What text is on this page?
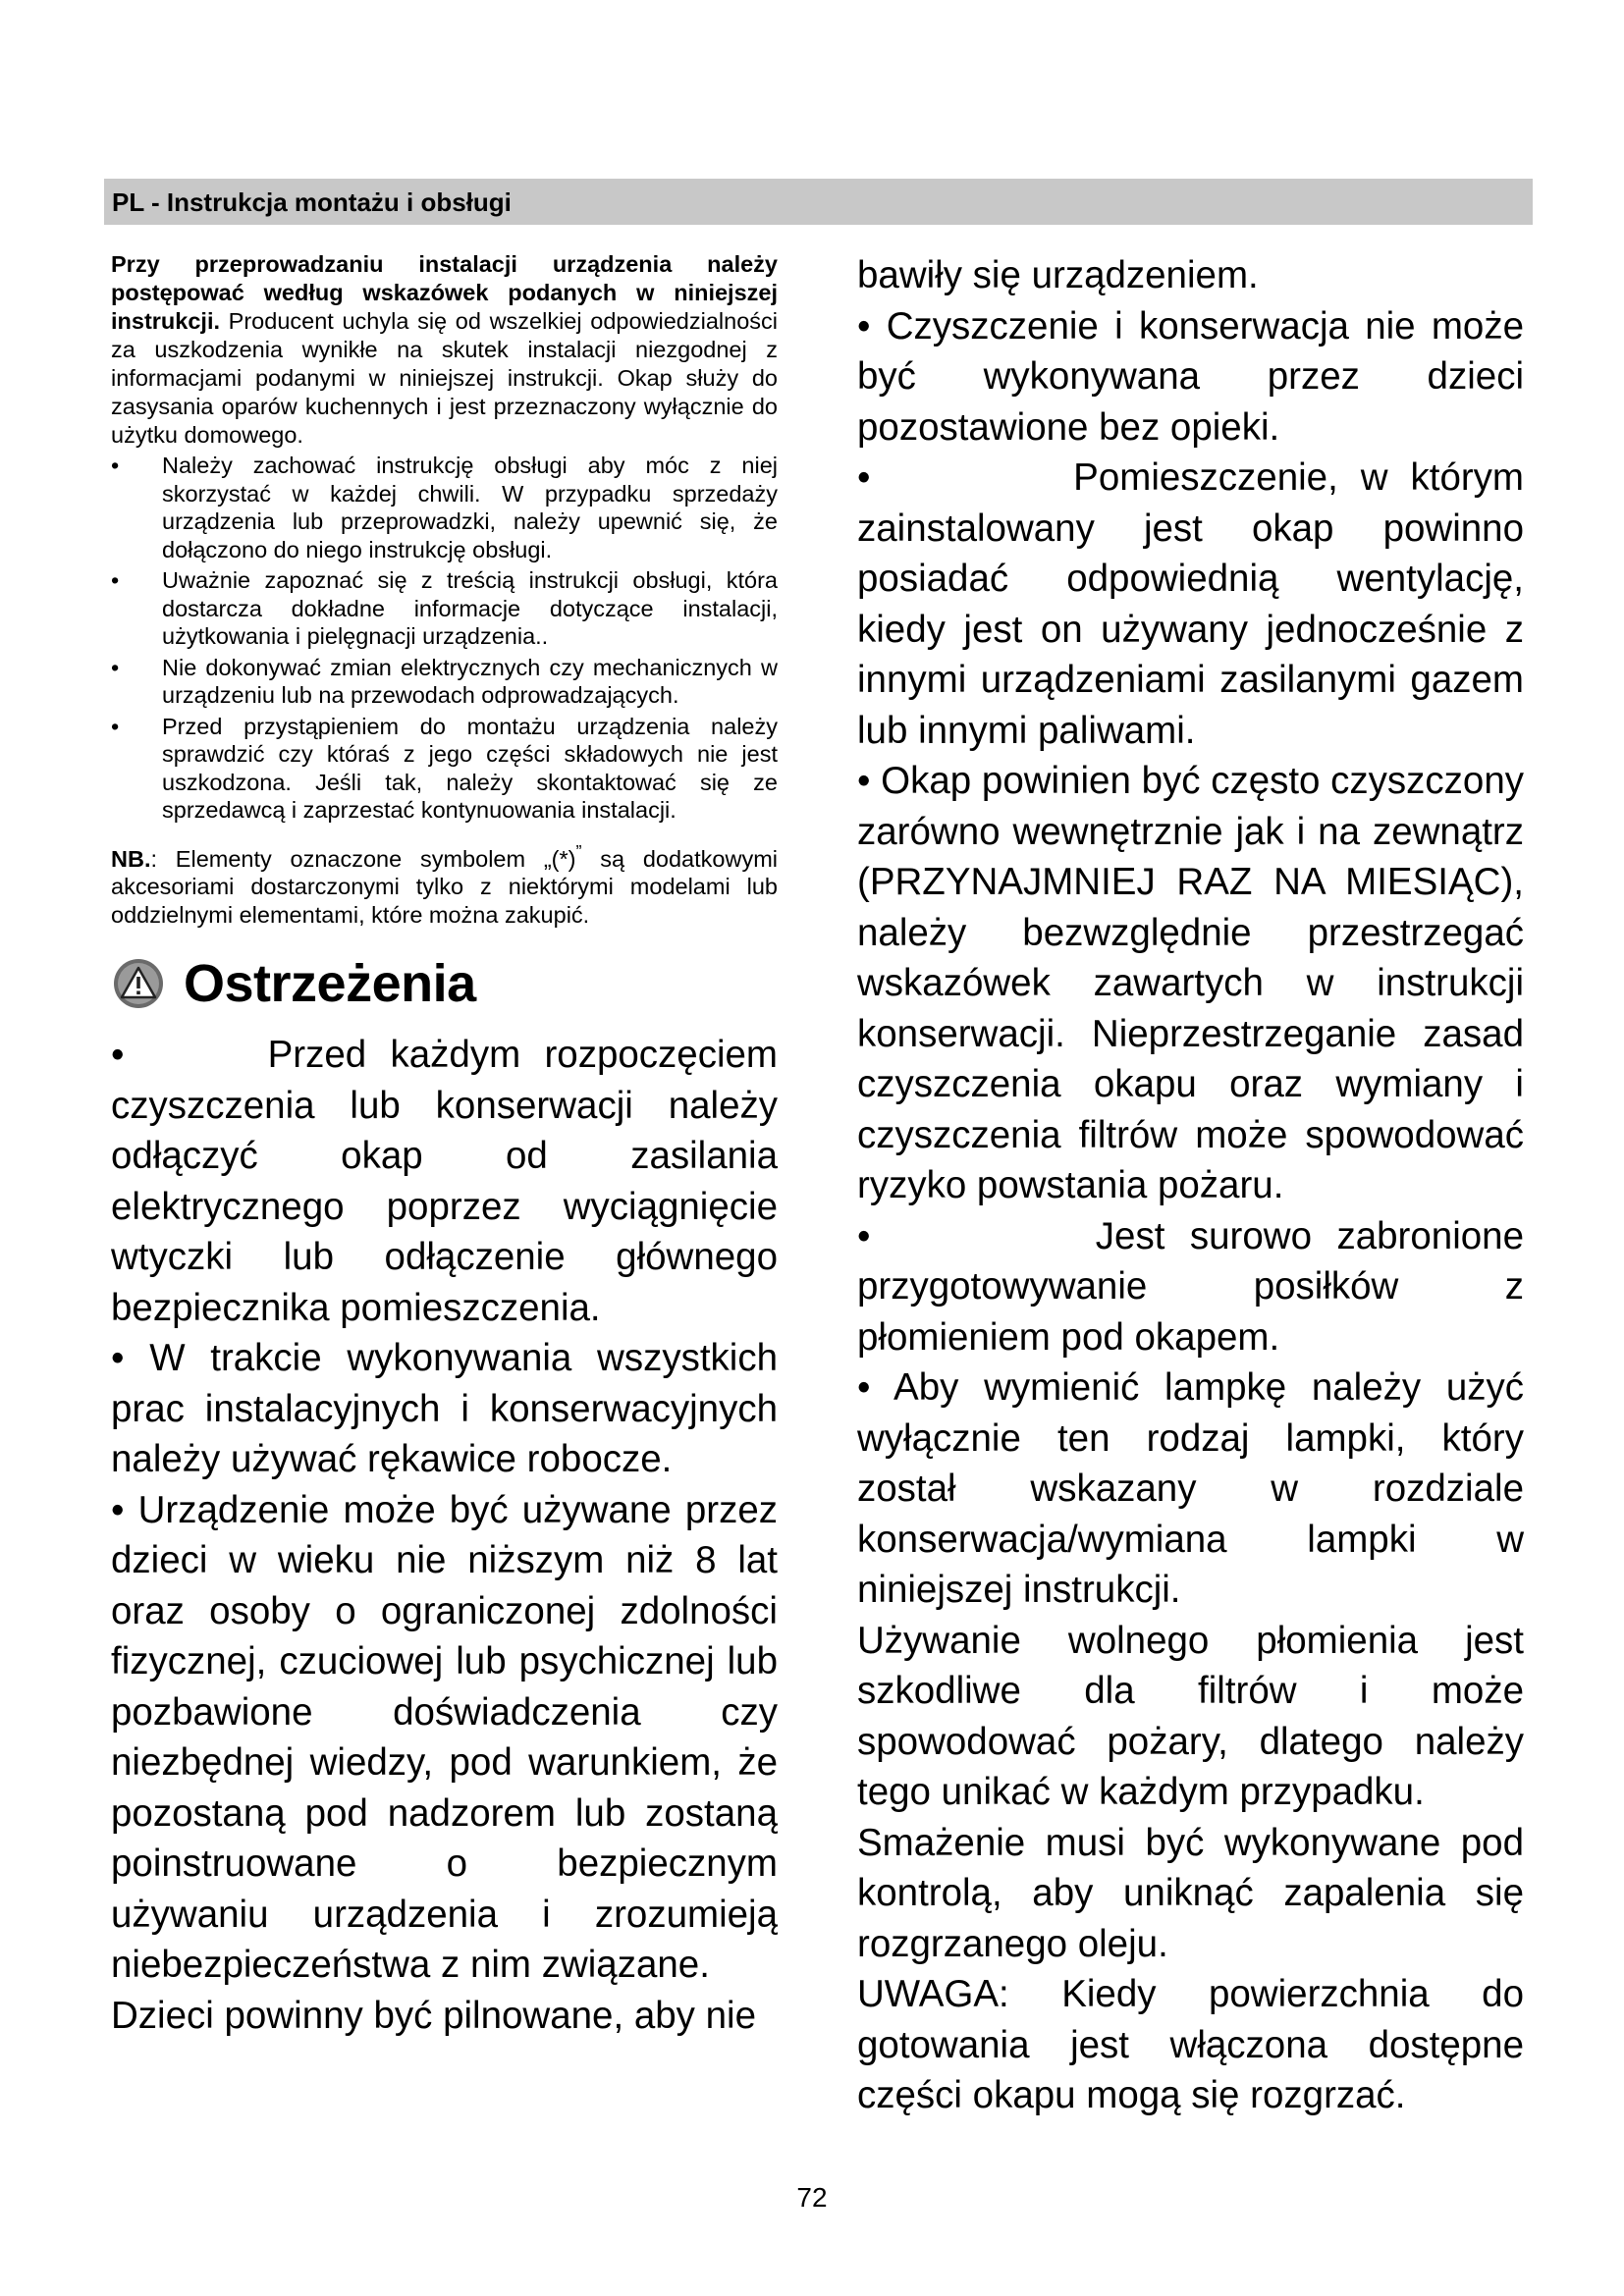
PL - Instrukcja montażu i obsługi

Przy przeprowadzaniu instalacji urządzenia należy postępować według wskazówek podanych w niniejszej instrukcji. Producent uchyla się od wszelkiej odpowiedzialności za uszkodzenia wynikłe na skutek instalacji niezgodnej z informacjami podanymi w niniejszej instrukcji. Okap służy do zasysania oparów kuchennych i jest przeznaczony wyłącznie do użytku domowego.

• Należy zachować instrukcję obsługi aby móc z niej skorzystać w każdej chwili. W przypadku sprzedaży urządzenia lub przeprowadzki, należy upewnić się, że dołączono do niego instrukcję obsługi.
• Uważnie zapoznać się z treścią instrukcji obsługi, która dostarcza dokładne informacje dotyczące instalacji, użytkowania i pielęgnacji urządzenia..
• Nie dokonywać zmian elektrycznych czy mechanicznych w urządzeniu lub na przewodach odprowadzających.
• Przed przystąpieniem do montażu urządzenia należy sprawdzić czy któraś z jego części składowych nie jest uszkodzona. Jeśli tak, należy skontaktować się ze sprzedawcą i zaprzestać kontynuowania instalacji.

NB.: Elementy oznaczone symbolem „(*)” są dodatkowymi akcesoriami dostarczonymi tylko z niektórymi modelami lub oddzielnymi elementami, które można zakupić.

Ostrzeżenia

•      Przed każdym rozpoczęciem czyszczenia lub konserwacji należy odłączyć okap od zasilania elektrycznego poprzez wyciągnięcie wtyczki lub odłączenie głównego bezpiecznika pomieszczenia.

• W trakcie wykonywania wszystkich prac instalacyjnych i konserwacyjnych należy używać rękawice robocze.

• Urządzenie może być używane przez dzieci w wieku nie niższym niż 8 lat oraz osoby o ograniczonej zdolności fizycznej, czuciowej lub psychicznej lub pozbawione doświadczenia czy niezbędnej wiedzy, pod warunkiem, że pozostaną pod nadzorem lub zostaną poinstruowane o bezpiecznym używaniu urządzenia i zrozumieją niebezpieczeństwa z nim związane.

Dzieci powinny być pilnowane, aby nie

bawiły się urządzeniem.

• Czyszczenie i konserwacja nie może być wykonywana przez dzieci pozostawione bez opieki.

•         Pomieszczenie, w którym zainstalowany jest okap powinno posiadać odpowiednią wentylację, kiedy jest on używany jednocześnie z innymi urządzeniami zasilanymi gazem lub innymi paliwami.

• Okap powinien być często czyszczony zarówno wewnętrznie jak i na zewnątrz (PRZYNAJMNIEJ RAZ NA MIESIĄC), należy bezwzględnie przestrzegać wskazówek zawartych w instrukcji konserwacji. Nieprzestrzeganie zasad czyszczenia okapu oraz wymiany i czyszczenia filtrów może spowodować ryzyko powstania pożaru.

•         Jest surowo zabronione przygotowywanie posiłków z płomieniem pod okapem.

• Aby wymienić lampkę należy użyć wyłącznie ten rodzaj lampki, który został wskazany w rozdziale konserwacja/wymiana lampki w niniejszej instrukcji.

Używanie wolnego płomienia jest szkodliwe dla filtrów i może spowodować pożary, dlatego należy tego unikać w każdym przypadku.

Smażenie musi być wykonywane pod kontrolą, aby uniknąć zapalenia się rozgrzanego oleju.

UWAGA: Kiedy powierzchnia do gotowania jest włączona dostępne części okapu mogą się rozgrzać.

72
